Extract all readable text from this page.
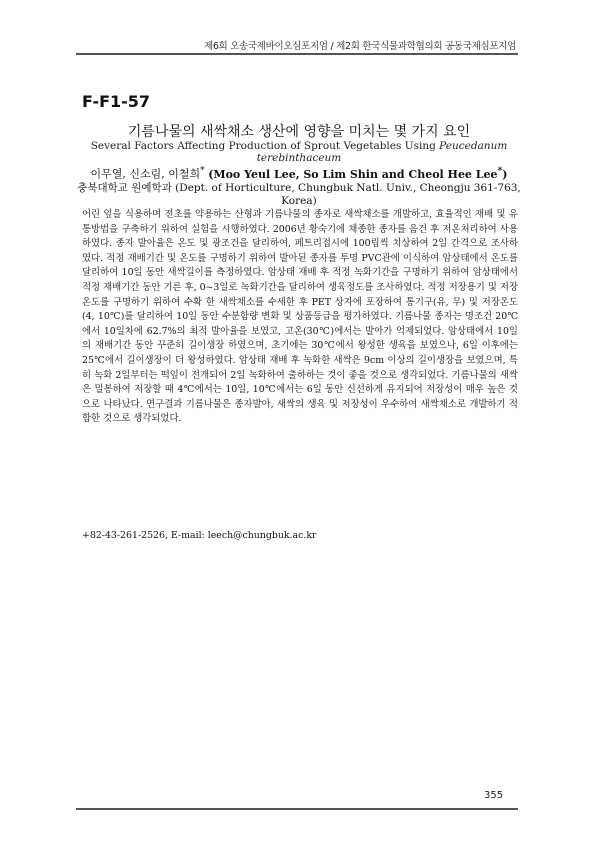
제6회 오송국제바이오심포지엄 / 제2회 한국식물과학협의회 공동국제심포지엄
F-F1-57
기름나물의 새싹채소 생산에 영향을 미치는 몇 가지 요인
Several Factors Affecting Production of Sprout Vegetables Using Peucedanum terebinthaceum
이무열, 신소림, 이철희* (Moo Yeul Lee, So Lim Shin and Cheol Hee Lee*)
충북대학교 원예학과 (Dept. of Horticulture, Chungbuk Natl. Univ., Cheongju 361-763, Korea)

어린 잎을 식용하며 전초를 약용하는 산형과 기름나물의 종자로 새싹채소를 개발하고, 효율적인 재배 및 유통방법을 구축하기 위하여 실험을 시행하였다. 2006년 황숙기에 채종한 종자를 음건 후 저온처리하여 사용하였다. 종자 발아율은 온도 및 광조건을 달리하여, 페트리접시에 100립씩 치상하여 2일 간격으로 조사하였다. 적정 재배기간 및 온도를 구명하기 위하여 발아된 종자를 투명 PVC관에 이식하여 암상태에서 온도를 달리하여 10일 동안 새싹길이를 측정하였다. 암상태 재배 후 적정 녹화기간을 구명하기 위하여 암상태에서 적정 재배기간 동안 기른 후, 0~3일로 녹화기간을 달리하여 생육정도를 조사하였다. 적정 저장용기 및 저장온도를 구명하기 위하여 수확 한 새싹채소를 수세한 후 PET 상자에 포장하여 통기구(유, 무) 및 저장온도(4, 10℃)를 달리하여 10일 동안 수분함량 변화 및 상품등급을 평가하였다. 기름나물 종자는 명조건 20℃에서 10일차에 62.7%의 최적 발아율을 보였고, 고온(30℃)에서는 발아가 억제되었다. 암상태에서 10일의 재배기간 동안 꾸준히 길이생장 하였으며, 초기에는 30℃에서 왕성한 생육을 보였으나, 6일 이후에는 25℃에서 길이생장이 더 왕성하였다. 암상태 재배 후 녹화한 새싹은 9cm 이상의 길이생장을 보였으며, 특히 녹화 2일부터는 떡잎이 전개되어 2일 녹화하여 출하하는 것이 좋을 것으로 생각되었다. 기름나물의 새싹은 밀봉하여 저장할 때 4℃에서는 10일, 10℃에서는 6일 동안 신선하게 유지되어 저장성이 매우 높은 것으로 나타났다. 연구결과 기름나물은 종자발아, 새싹의 생육 및 저장성이 우수하여 새싹채소로 개발하기 적합한 것으로 생각되었다.

+82-43-261-2526, E-mail: leech@chungbuk.ac.kr
355
